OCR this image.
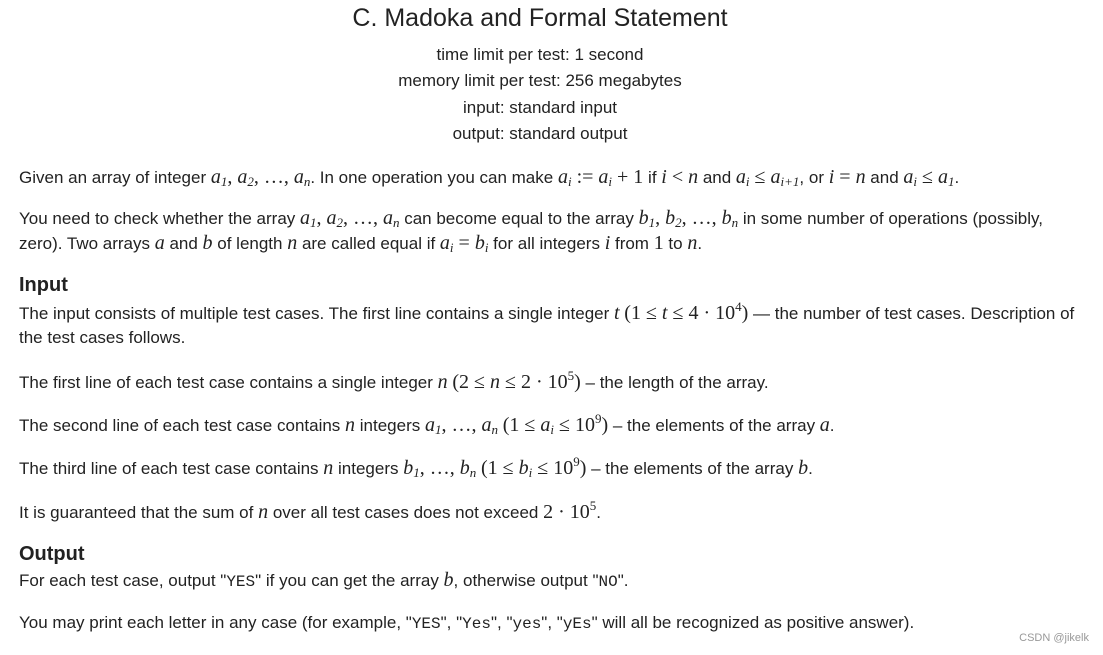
C. Madoka and Formal Statement
time limit per test: 1 second
memory limit per test: 256 megabytes
input: standard input
output: standard output

Given an array of integer $a_1$, $a_2$, …, $a_n$. In one operation you can make $a_i$ := $a_i + 1$ if i < n and $a_i \le a_{i+1}$, or i = n and $a_i \le a_1$.

You need to check whether the array $a_1$, $a_2$, …, $a_n$ can become equal to the array $b_1$, $b_2$, …, $b_n$ in some number of operations (possibly, zero). Two arrays a and b of length n are called equal if $a_i = b_i$ for all integers i from 1 to n.

Input

The input consists of multiple test cases. The first line contains a single integer t $(1 \le t \le 4 \cdot 10^4)$ — the number of test cases. Description of the test cases follows.

The first line of each test case contains a single integer n $(2 \le n \le 2 \cdot 10^5)$ – the length of the array.

The second line of each test case contains n integers $a_1$, …, $a_n$ $(1 \le a_i \le 10^9)$ – the elements of the array a.

The third line of each test case contains n integers $b_1$, …, $b_n$ $(1 \le b_i \le 10^9)$ – the elements of the array b.

It is guaranteed that the sum of n over all test cases does not exceed $2 \cdot 10^5$.

Output

For each test case, output "YES" if you can get the array b, otherwise output "NO".

You may print each letter in any case (for example, "YES", "Yes", "yes", "yEs" will all be recognized as positive answer).

CSDN @jikelk
